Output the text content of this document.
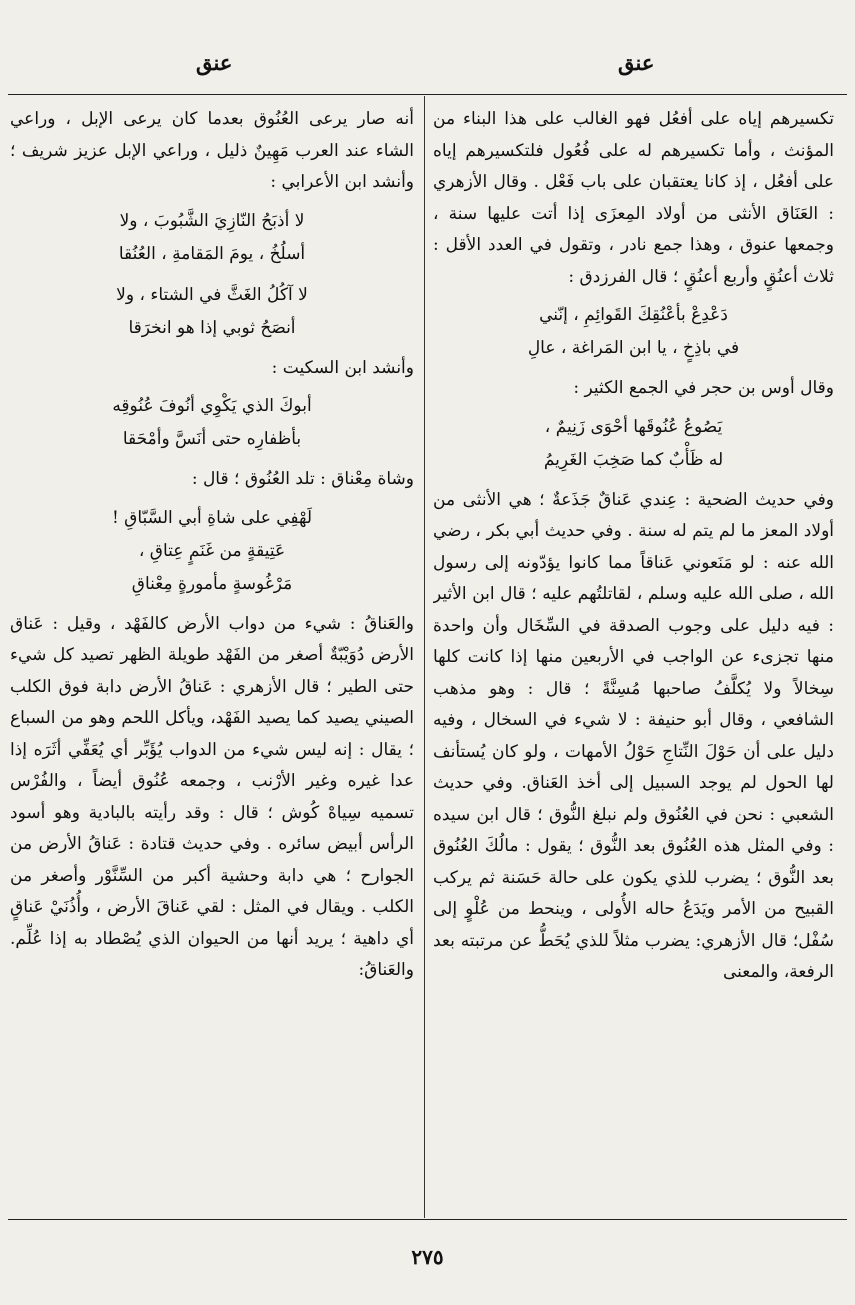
عنق
عنق

تكسيرهم إياه على أفعُل فهو الغالب على هذا البناء من المؤنث ، وأما تكسيرهم له على فُعُول فلتكسيرهم إياه على أفعُل ، إذ كانا يعتقبان على باب فَعْل . وقال الأزهري : العَنَاق الأنثى من أولاد المِعزَى إذا أتت عليها سنة ، وجمعها عنوق ، وهذا جمع نادر ، وتقول في العدد الأقل : ثلاث أعنُقٍ وأربع أعنُقٍ ؛ قال الفرزدق :

دَعْدِعْ بأعْنُقِكَ القَوائِمِ ، إنّني
في باذِخٍ ، يا ابن المَراغة ، عالِ

وقال أوس بن حجر في الجمع الكثير :

يَصُوعُ عُنُوقَها أحْوَى زَنِيمٌ ،
له ظَأْبٌ كما صَخِبَ الغَرِيمُ

وفي حديث الضحية : عِندي عَناقٌ جَذَعةٌ ؛ هي الأنثى من أولاد المعز ما لم يتم له سنة . وفي حديث أبي بكر ، رضي الله عنه : لو مَنَعوني عَناقاً مما كانوا يؤدّونه إلى رسول الله ، صلى الله عليه وسلم ، لقاتلتُهم عليه ؛ قال ابن الأثير : فيه دليل على وجوب الصدقة في السِّخَال وأن واحدة منها تجزىء عن الواجب في الأربعين منها إذا كانت كلها سِخالاً ولا يُكلَّفُ صاحبها مُسِنَّةً ؛ قال : وهو مذهب الشافعي ، وقال أبو حنيفة : لا شيء في السخال ، وفيه دليل على أن حَوْلَ النِّتاجِ حَوْلُ الأمهات ، ولو كان يُستأنف لها الحول لم يوجد السبيل إلى أخذ العَناق. وفي حديث الشعبي : نحن في العُنُوق ولم نبلغ النُّوق ؛ قال ابن سيده : وفي المثل هذه العُنُوق بعد النُّوق ؛ يقول : مالُكَ العُنُوق بعد النُّوق ؛ يضرب للذي يكون على حالة حَسَنة ثم يركب القبيح من الأمر ويَدَعُ حاله الأُولى ، وينحط من عُلْوٍ إلى سُفْل؛ قال الأزهري: يضرب مثلاً للذي يُحَطُّ عن مرتبته بعد الرفعة، والمعنى

أنه صار يرعى العُنُوق بعدما كان يرعى الإبل ، وراعي الشاء عند العرب مَهِينٌ ذليل ، وراعي الإبل عزيز شريف ؛ وأنشد ابن الأعرابي :

لا أذبَحُ النّازِيَ الشَّبُوبَ ، ولا
أسلُخُ ، يومَ المَقامةِ ، العُنُقا
لا آكُلُ الغَثَّ في الشتاء ، ولا
أنصَحُ ثوبي إذا هو انخرَقا

وأنشد ابن السكيت :

أبوكَ الذي يَكْوِي أنُوفَ عُنُوقِه
بأظفارِه حتى أنَسَّ وأمْحَقا

وشاة مِعْناق : تلد العُنُوق ؛ قال :

لَهْفِي على شاةِ أبي السَّبّاقِ !
عَتِيقةٍ من غَنَمٍ عِتاقِ ،
مَرْغُوسةٍ مأمورةٍ مِعْناقِ

والعَناقُ : شيء من دواب الأرض كالفَهْد ، وقيل : عَناق الأرض دُوَيْبّةٌ أصغر من الفَهْد طويلة الظهر تصيد كل شيء حتى الطير ؛ قال الأزهري : عَناقُ الأرض دابة فوق الكلب الصيني يصيد كما يصيد الفَهْد، ويأكل اللحم وهو من السباع ؛ يقال : إنه ليس شيء من الدواب يُؤَبِّر أي يُعَفِّي أثَرَه إذا عدا غيره وغير الأرْنب ، وجمعه عُنُوق أيضاً ، والفُرْس تسميه سِياهْ كُوش ؛ قال : وقد رأيته بالبادية وهو أسود الرأس أبيض سائره . وفي حديث قتادة : عَناقُ الأرض من الجوارح ؛ هي دابة وحشية أكبر من السِّنَّوْر وأصغر من الكلب . ويقال في المثل : لقي عَناقَ الأرض ، وأُذُنَيْ عَناقٍ أي داهية ؛ يريد أنها من الحيوان الذي يُصْطاد به إذا عُلِّم. والعَناقُ:

٢٧٥
